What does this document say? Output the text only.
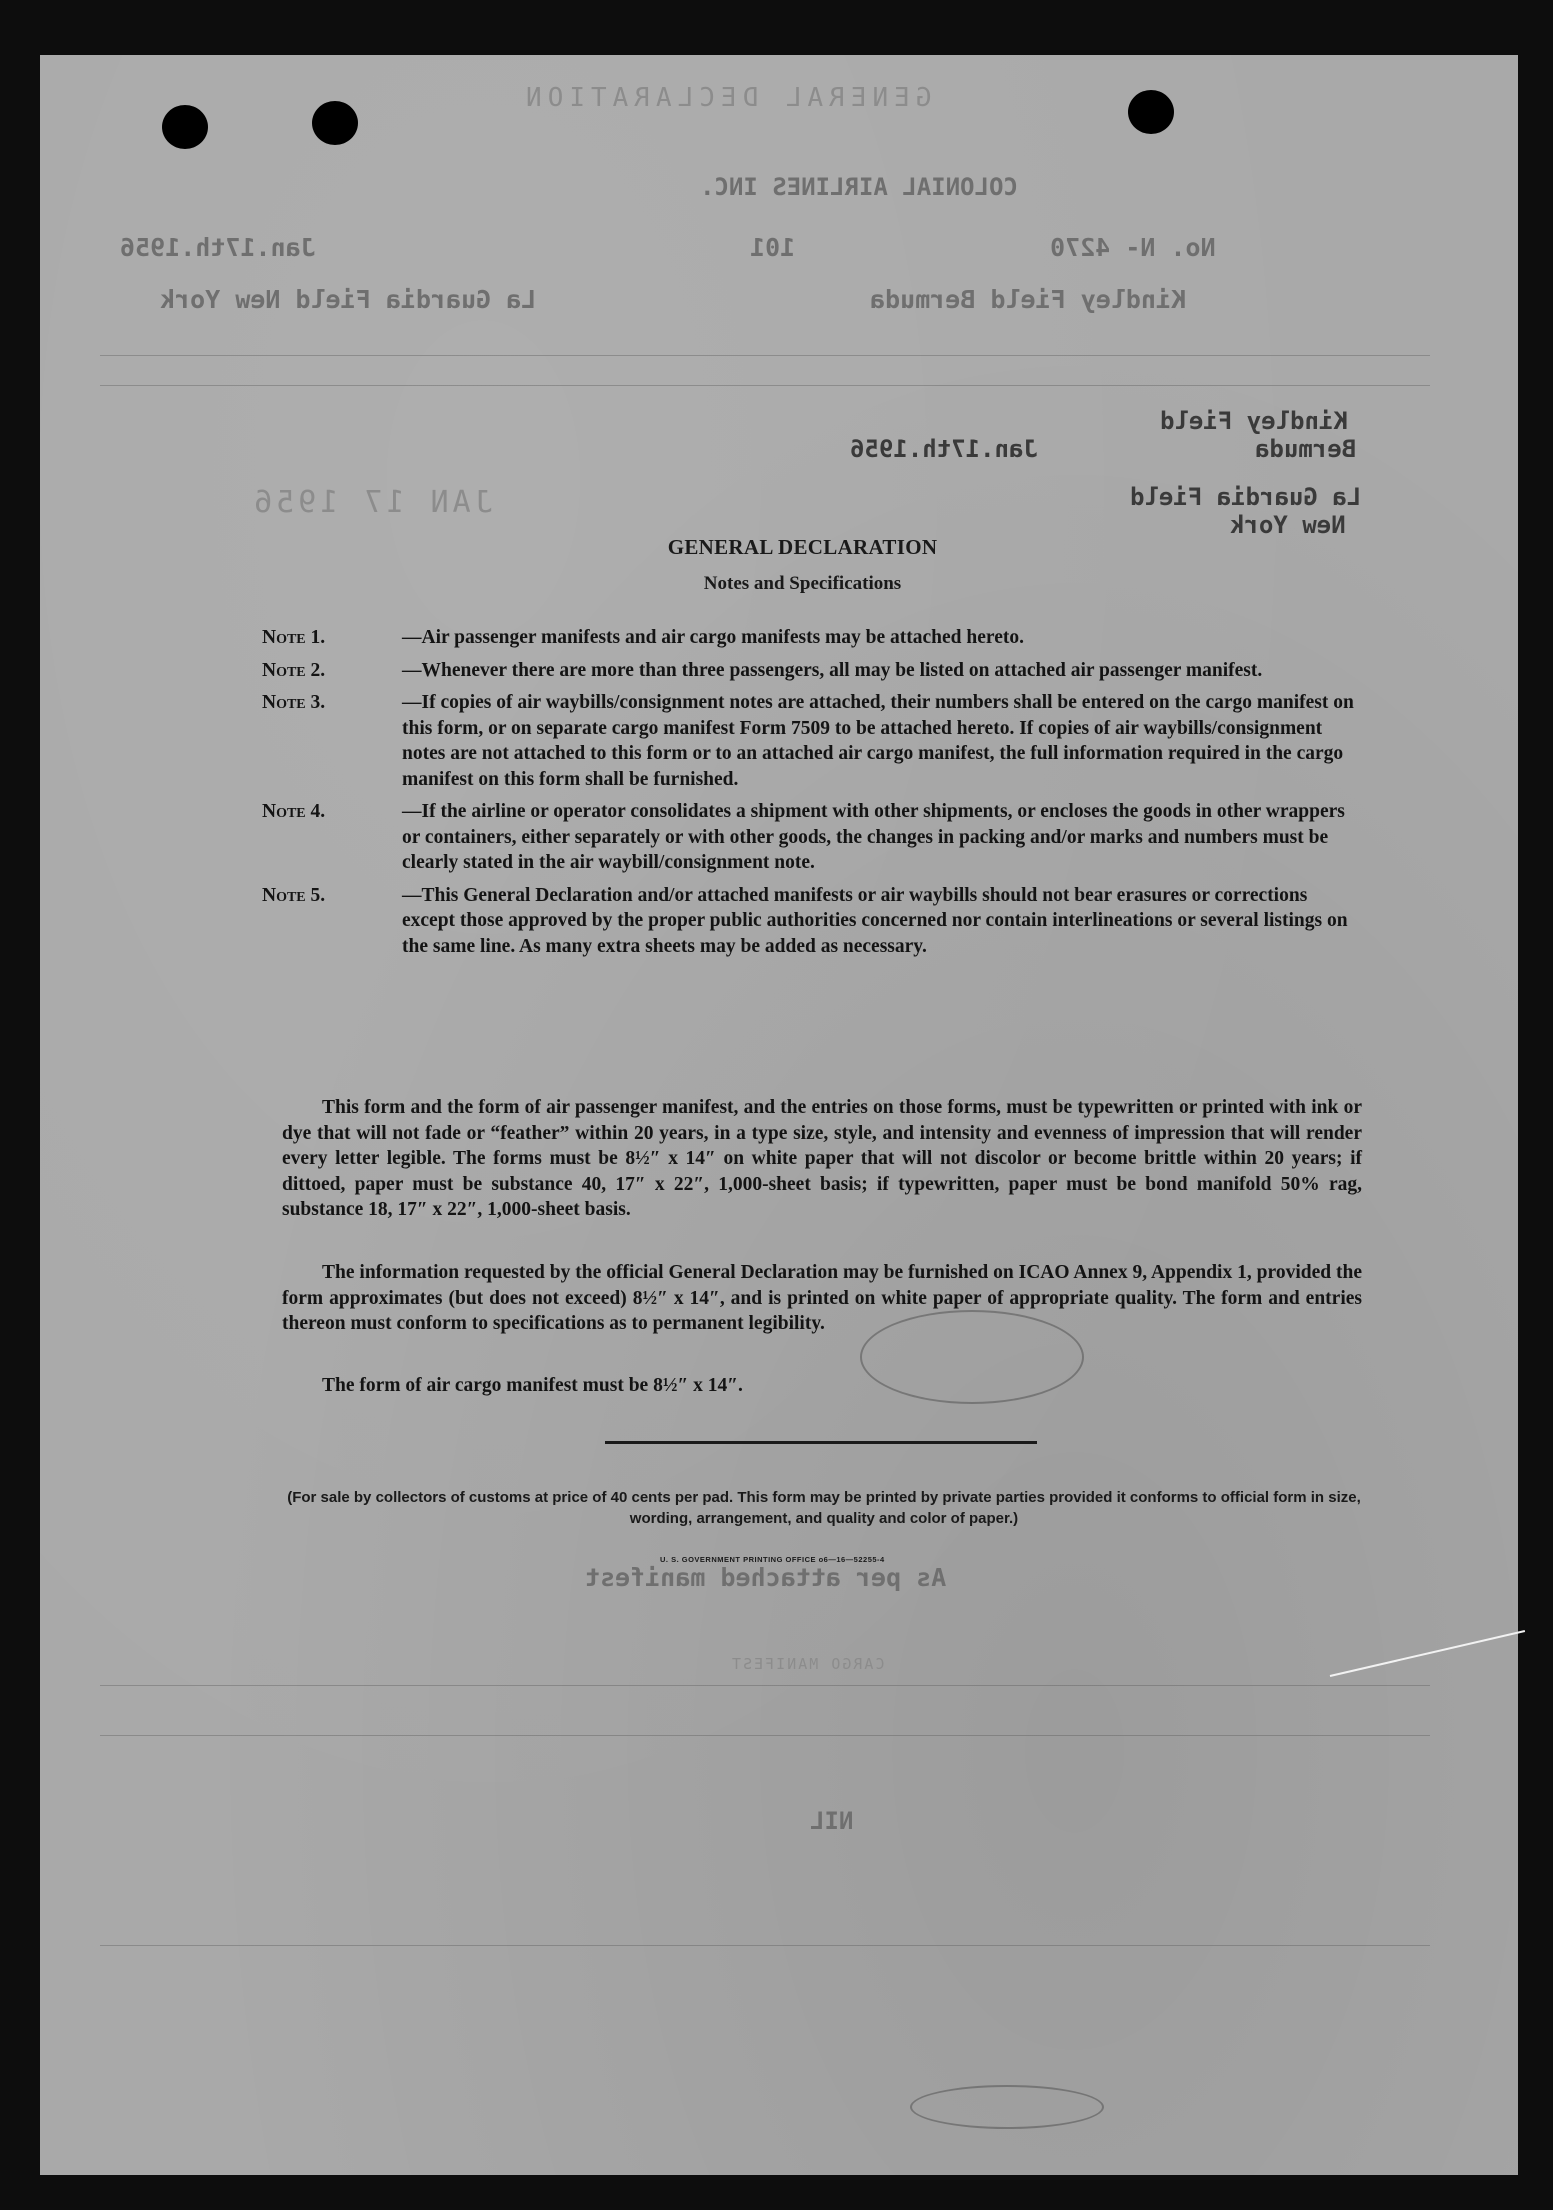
GENERAL DECLARATION
COLONIAL AIRLINES INC.
No. N- 4270
101
Jan.17th.1956
Kindley Field Bermuda
La Guardia Field New York
Kindley Field
Bermuda
Jan.17th.1956
La Guardia Field
New York
JAN 17 1956
As per attached manifest
CARGO MANIFEST
NIL
GENERAL DECLARATION
Notes and Specifications
Note 1.	—Air passenger manifests and air cargo manifests may be attached hereto.
Note 2.	—Whenever there are more than three passengers, all may be listed on attached air passenger manifest.
Note 3.	—If copies of air waybills/consignment notes are attached, their numbers shall be entered on the cargo manifest on this form, or on separate cargo manifest Form 7509 to be attached hereto. If copies of air waybills/consignment notes are not attached to this form or to an attached air cargo manifest, the full information required in the cargo manifest on this form shall be furnished.
Note 4.	—If the airline or operator consolidates a shipment with other shipments, or encloses the goods in other wrappers or containers, either separately or with other goods, the changes in packing and/or marks and numbers must be clearly stated in the air waybill/consignment note.
Note 5.	—This General Declaration and/or attached manifests or air waybills should not bear erasures or corrections except those approved by the proper public authorities concerned nor contain interlineations or several listings on the same line. As many extra sheets may be added as necessary.
This form and the form of air passenger manifest, and the entries on those forms, must be typewritten or printed with ink or dye that will not fade or “feather” within 20 years, in a type size, style, and intensity and evenness of impression that will render every letter legible. The forms must be 8½″ x 14″ on white paper that will not discolor or become brittle within 20 years; if dittoed, paper must be substance 40, 17″ x 22″, 1,000-sheet basis; if typewritten, paper must be bond manifold 50% rag, substance 18, 17″ x 22″, 1,000-sheet basis.
The information requested by the official General Declaration may be furnished on ICAO Annex 9, Appendix 1, provided the form approximates (but does not exceed) 8½″ x 14″, and is printed on white paper of appropriate quality. The form and entries thereon must conform to specifications as to permanent legibility.
The form of air cargo manifest must be 8½″ x 14″.
(For sale by collectors of customs at price of 40 cents per pad. This form may be printed by private parties provided it conforms to official form in size, wording, arrangement, and quality and color of paper.)
U. S. GOVERNMENT PRINTING OFFICE o6—16—52255-4
